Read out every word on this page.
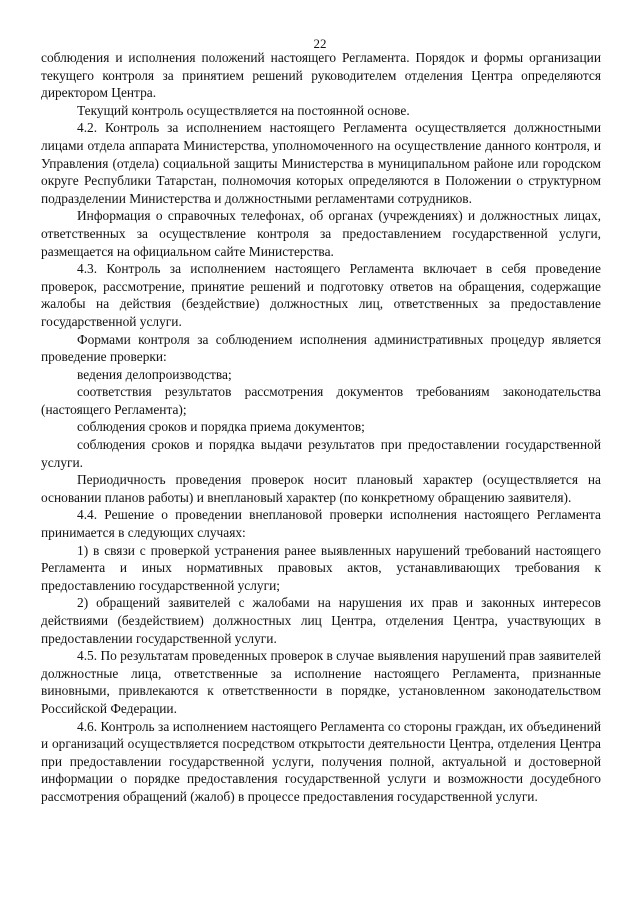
22

соблюдения и исполнения положений настоящего Регламента. Порядок и формы организации текущего контроля за принятием решений руководителем отделения Центра определяются директором Центра.

Текущий контроль осуществляется на постоянной основе.

4.2. Контроль за исполнением настоящего Регламента осуществляется должностными лицами отдела аппарата Министерства, уполномоченного на осуществление данного контроля, и Управления (отдела) социальной защиты Министерства в муниципальном районе или городском округе Республики Татарстан, полномочия которых определяются в Положении о структурном подразделении Министерства и должностными регламентами сотрудников.

Информация о справочных телефонах, об органах (учреждениях) и должностных лицах, ответственных за осуществление контроля за предоставлением государственной услуги, размещается на официальном сайте Министерства.

4.3. Контроль за исполнением настоящего Регламента включает в себя проведение проверок, рассмотрение, принятие решений и подготовку ответов на обращения, содержащие жалобы на действия (бездействие) должностных лиц, ответственных за предоставление государственной услуги.

Формами контроля за соблюдением исполнения административных процедур является проведение проверки:

ведения делопроизводства;

соответствия результатов рассмотрения документов требованиям законодательства (настоящего Регламента);

соблюдения сроков и порядка приема документов;

соблюдения сроков и порядка выдачи результатов при предоставлении государственной услуги.

Периодичность проведения проверок носит плановый характер (осуществляется на основании планов работы) и внеплановый характер (по конкретному обращению заявителя).

4.4. Решение о проведении внеплановой проверки исполнения настоящего Регламента принимается в следующих случаях:

1) в связи с проверкой устранения ранее выявленных нарушений требований настоящего Регламента и иных нормативных правовых актов, устанавливающих требования к предоставлению государственной услуги;

2) обращений заявителей с жалобами на нарушения их прав и законных интересов действиями (бездействием) должностных лиц Центра, отделения Центра, участвующих в предоставлении государственной услуги.

4.5. По результатам проведенных проверок в случае выявления нарушений прав заявителей должностные лица, ответственные за исполнение настоящего Регламента, признанные виновными, привлекаются к ответственности в порядке, установленном законодательством Российской Федерации.

4.6. Контроль за исполнением настоящего Регламента со стороны граждан, их объединений и организаций осуществляется посредством открытости деятельности Центра, отделения Центра при предоставлении государственной услуги, получения полной, актуальной и достоверной информации о порядке предоставления государственной услуги и возможности досудебного рассмотрения обращений (жалоб) в процессе предоставления государственной услуги.
